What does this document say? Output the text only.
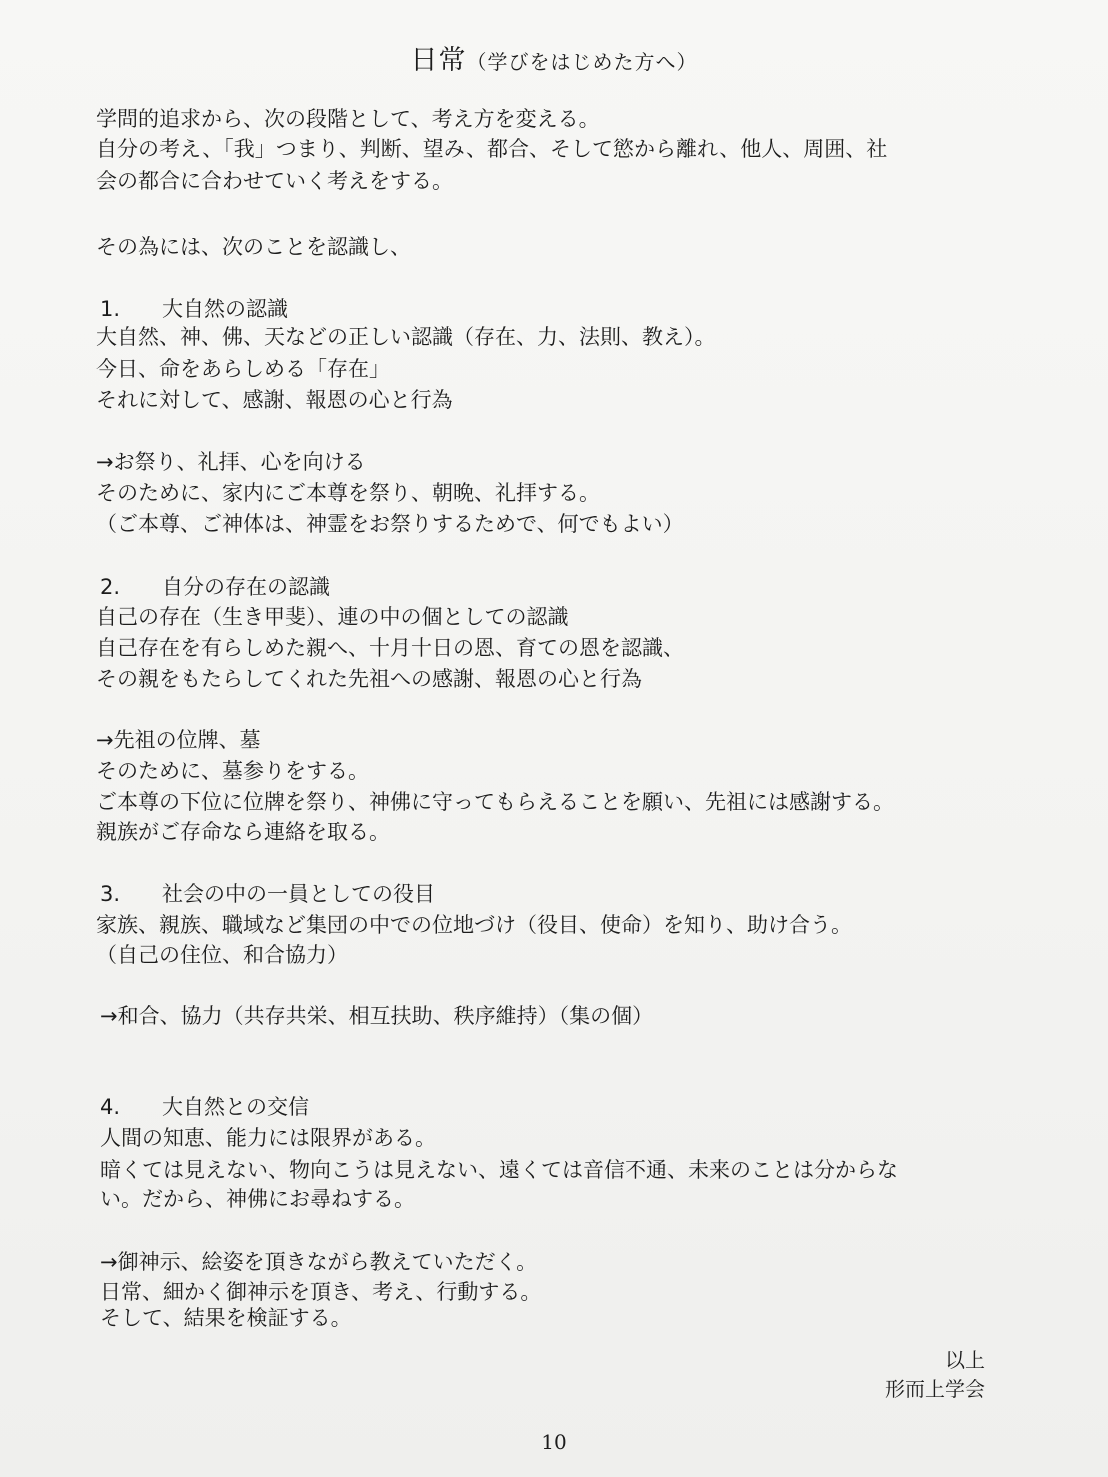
日常（学びをはじめた方へ）
学問的追求から、次の段階として、考え方を変える。
自分の考え、「我」つまり、判断、望み、都合、そして慾から離れ、他人、周囲、社
会の都合に合わせていく考えをする。
その為には、次のことを認識し、
1. 大自然の認識
大自然、神、佛、天などの正しい認識（存在、力、法則、教え）。
今日、命をあらしめる「存在」
それに対して、感謝、報恩の心と行為
→お祭り、礼拝、心を向ける
そのために、家内にご本尊を祭り、朝晩、礼拝する。
（ご本尊、ご神体は、神霊をお祭りするためで、何でもよい）
2. 自分の存在の認識
自己の存在（生き甲斐）、連の中の個としての認識
自己存在を有らしめた親へ、十月十日の恩、育ての恩を認識、
その親をもたらしてくれた先祖への感謝、報恩の心と行為
→先祖の位牌、墓
そのために、墓参りをする。
ご本尊の下位に位牌を祭り、神佛に守ってもらえることを願い、先祖には感謝する。
親族がご存命なら連絡を取る。
3. 社会の中の一員としての役目
家族、親族、職域など集団の中での位地づけ（役目、使命）を知り、助け合う。
（自己の住位、和合協力）
→和合、協力（共存共栄、相互扶助、秩序維持）（集の個）
4. 大自然との交信
人間の知恵、能力には限界がある。
暗くては見えない、物向こうは見えない、遠くては音信不通、未来のことは分からな
い。だから、神佛にお尋ねする。
→御神示、絵姿を頂きながら教えていただく。
日常、細かく御神示を頂き、考え、行動する。
そして、結果を検証する。
以上
形而上学会
10
